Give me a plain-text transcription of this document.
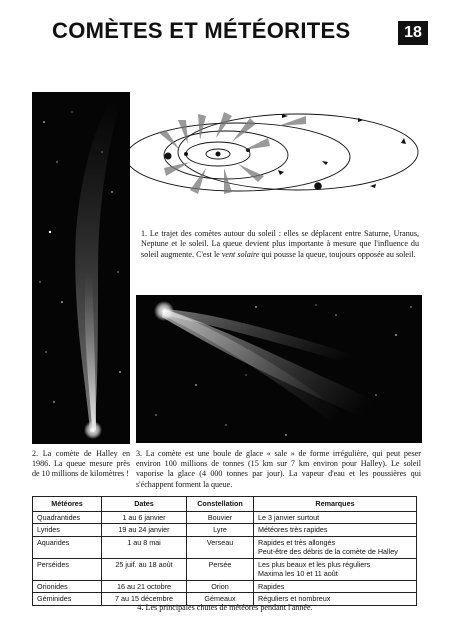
COMÈTES ET MÉTÉORITES	18
1. Le trajet des comètes autour du soleil : elles se déplacent entre Saturne, Uranus, Neptune et le soleil. La queue devient plus importante à mesure que l'influence du soleil augmente. C'est le vent solaire qui pousse la queue, toujours opposée au soleil.
2. La comète de Halley en 1986. La queue mesure près de 10 millions de kilomètres !
3. La comète est une boule de glace « sale » de forme irrégulière, qui peut peser environ 100 millions de tonnes (15 km sur 7 km environ pour Halley). Le soleil vaporise la glace (4 000 tonnes par jour). La vapeur d'eau et les poussières qui s'échappent forment la queue.
Météores	Dates	Constellation	Remarques
Quadrantides	1 au 6 janvier	Bouvier	Le 3 janvier surtout

Lyrides	19 au 24 janvier	Lyre	Météores très rapides

Aquarides	1 au 8 mai	Verseau	Rapides et très allongés
Peut-être des débris de la comète de Halley

Perséides	25 juif. au 18 août	Persée	Les plus beaux et les plus réguliers
Maxima les 10 et 11 août

Orionides	16 au 21 octobre	Orion	Rapides

Géminides	7 au 15 décembre	Gémeaux	Réguliers et nombreux
4. Les principales chutes de météores pendant l'année.
